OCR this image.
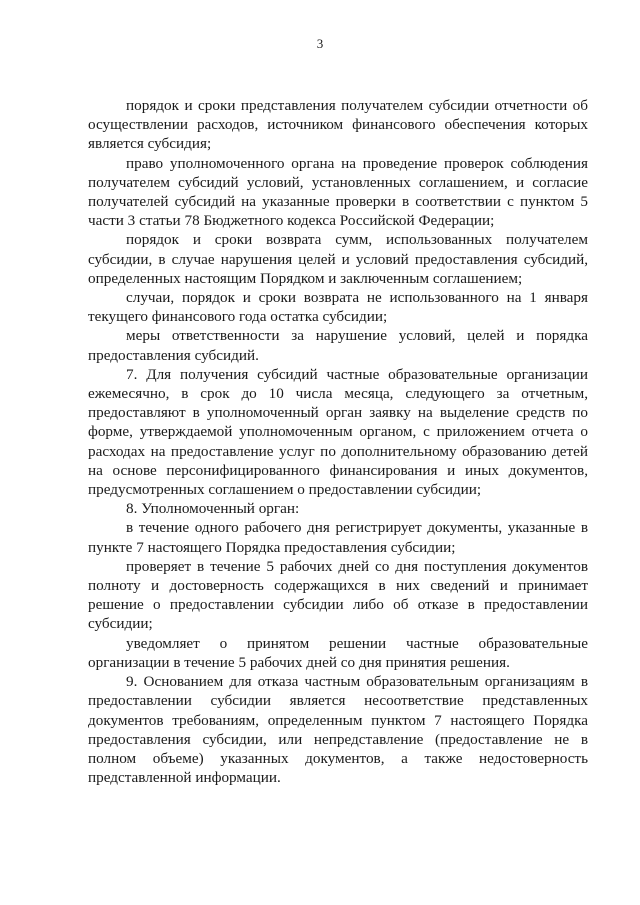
3

порядок и сроки представления получателем субсидии отчетности об осуществлении расходов, источником финансового обеспечения которых является субсидия;

право уполномоченного органа на проведение проверок соблюдения получателем субсидий условий, установленных соглашением, и согласие получателей субсидий на указанные проверки в соответствии с пунктом 5 части 3 статьи 78 Бюджетного кодекса Российской Федерации;

порядок и сроки возврата сумм, использованных получателем субсидии, в случае нарушения целей и условий предоставления субсидий, определенных настоящим Порядком и заключенным соглашением;

случаи, порядок и сроки возврата не использованного на 1 января текущего финансового года остатка субсидии;

меры ответственности за нарушение условий, целей и порядка предоставления субсидий.

7. Для получения субсидий частные образовательные организации ежемесячно, в срок до 10 числа месяца, следующего за отчетным, предоставляют в уполномоченный орган заявку на выделение средств по форме, утверждаемой уполномоченным органом, с приложением отчета о расходах на предоставление услуг по дополнительному образованию детей на основе персонифицированного финансирования и иных документов, предусмотренных соглашением о предоставлении субсидии;

8. Уполномоченный орган:

в течение одного рабочего дня регистрирует документы, указанные в пункте 7 настоящего Порядка предоставления субсидии;

проверяет в течение 5 рабочих дней со дня поступления документов полноту и достоверность содержащихся в них сведений и принимает решение о предоставлении субсидии либо об отказе в предоставлении субсидии;

уведомляет о принятом решении частные образовательные организации в течение 5 рабочих дней со дня принятия решения.

9. Основанием для отказа частным образовательным организациям в предоставлении субсидии является несоответствие представленных документов требованиям, определенным пунктом 7 настоящего Порядка предоставления субсидии, или непредставление (предоставление не в полном объеме) указанных документов, а также недостоверность представленной информации.
